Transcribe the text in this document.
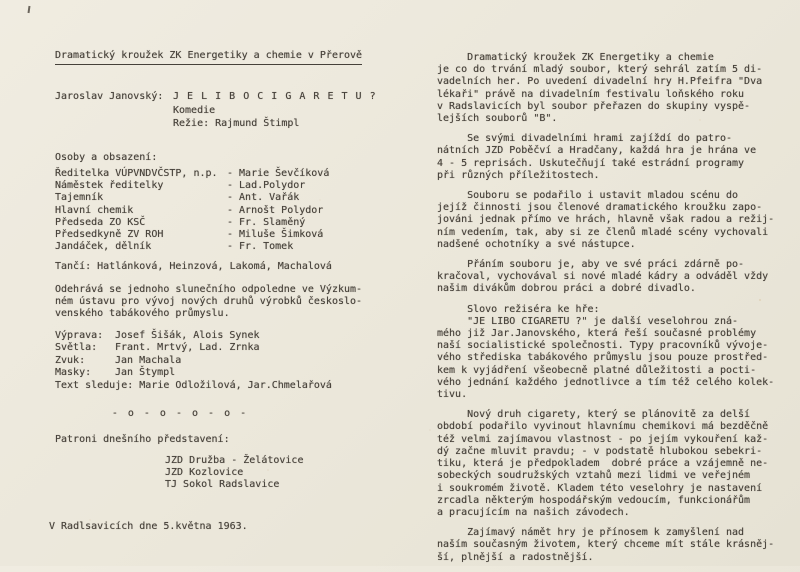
Dramatický kroužek ZK Energetiky a chemie v Přerově
Jaroslav Janovský: J E L I B O C I G A R E T U ?
Komedie
Režie: Rajmund Štimpl
Osoby a obsazení:
Ředitelka VÚPVNDVČSTP, n.p. - Marie Ševčíková
Náměstek ředitelky	- Lad.Polydor
Tajemník	- Ant. Vařák
Hlavní chemik	- Arnošt Polydor
Předseda ZO KSČ	- Fr. Slaměný
Předsedkyně ZV ROH	- Miluše Šimková
Jandáček, dělník	- Fr. Tomek
Tančí: Hatlánková, Heinzová, Lakomá, Machalová
Odehrává se jednoho slunečního odpoledne ve Výzkum-
ném ústavu pro vývoj nových druhů výrobků českoslo-
venského tabákového průmyslu.
Výprava:	Josef Šišák, Alois Synek
Světla:	Frant. Mrtvý, Lad. Zrnka
Zvuk:	Jan Machala
Masky:	Jan Štympl
Text sleduje: Marie Odložilová, Jar.Chmelařová
- o - o - o - o -
Patroni dnešního představení:
JZD Družba - Želátovice
JZD Kozlovice
TJ Sokol Radslavice
V Radlsavicích dne 5.května 1963.

Dramatický kroužek ZK Energetiky a chemie
je co do trvání mladý soubor, který sehrál zatím 5 di-
vadelních her. Po uvedení divadelní hry H.Pfeifra "Dva
lékaři" právě na divadelním festivalu loňského roku
v Radslavicích byl soubor přeřazen do skupiny vyspě-
lejších souborů "B".

Se svými divadelními hrami zajíždí do patro-
nátních JZD Poběčví a Hradčany, každá hra je hrána ve
4 - 5 reprisách. Uskutečňují také estrádní programy
při různých příležitostech.

Souboru se podařilo i ustavit mladou scénu do
jejíž činnosti jsou členové dramatického kroužku zapo-
jováni jednak přímo ve hrách, hlavně však radou a režij-
ním vedením, tak, aby si ze členů mladé scény vychovali
nadšené ochotníky a své nástupce.

Přáním souboru je, aby ve své práci zdárně po-
kračoval, vychovával si nové mladé kádry a odváděl vždy
našim divákům dobrou práci a dobré divadlo.

Slovo režiséra ke hře:

"JE LIBO CIGARETU ?" je další veselohrou zná-
mého již Jar.Janovského, která řeší současné problémy
naší socialistické společnosti. Typy pracovníků vývoje-
vého střediska tabákového průmyslu jsou pouze prostřed-
kem k vyjádření všeobecně platné důležitosti a pocti-
vého jednání každého jednotlivce a tím též celého kolek-
tivu.

Nový druh cigarety, který se plánovitě za delší
období podařilo vyvinout hlavnímu chemikovi má bezděčně
též velmi zajímavou vlastnost - po jejím vykouření kaž-
dý začne mluvit pravdu; - v podstatě hlubokou sebekri-
tiku, která je předpokladem  dobré práce a vzájemně ne-
sobeckých soudružských vztahů mezi lidmi ve veřejném
i soukromém životě. Kladem této veselohry je nastavení
zrcadla některým hospodářským vedoucím, funkcionářům
a pracujícím na našich závodech.

Zajímavý námět hry je přínosem k zamyšlení nad
naším současným životem, který chceme mít stále krásněj-
ší, plnější a radostnější.
